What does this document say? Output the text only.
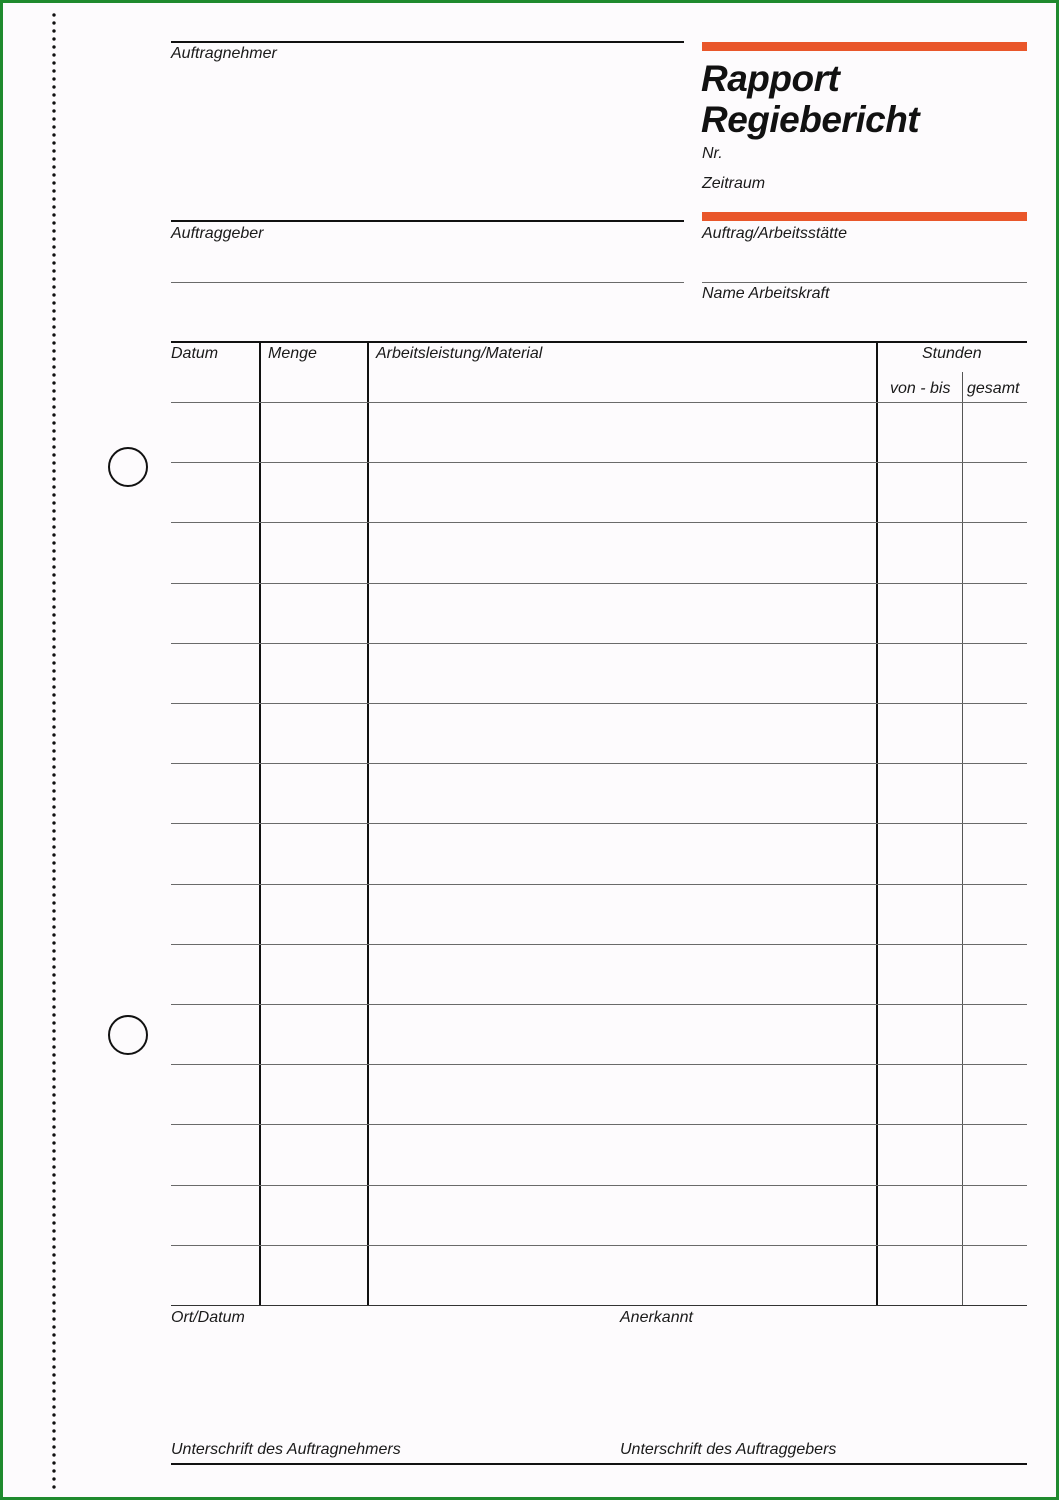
Auftragnehmer
Auftraggeber
Rapport
Regiebericht
Nr.
Zeitraum
Auftrag/Arbeitsstätte
Name Arbeitskraft
Datum	Menge	Arbeitsleistung/Material	Stunden
von - bis gesamt
Ort/Datum	Anerkannt
Unterschrift des Auftragnehmers	Unterschrift des Auftraggebers
